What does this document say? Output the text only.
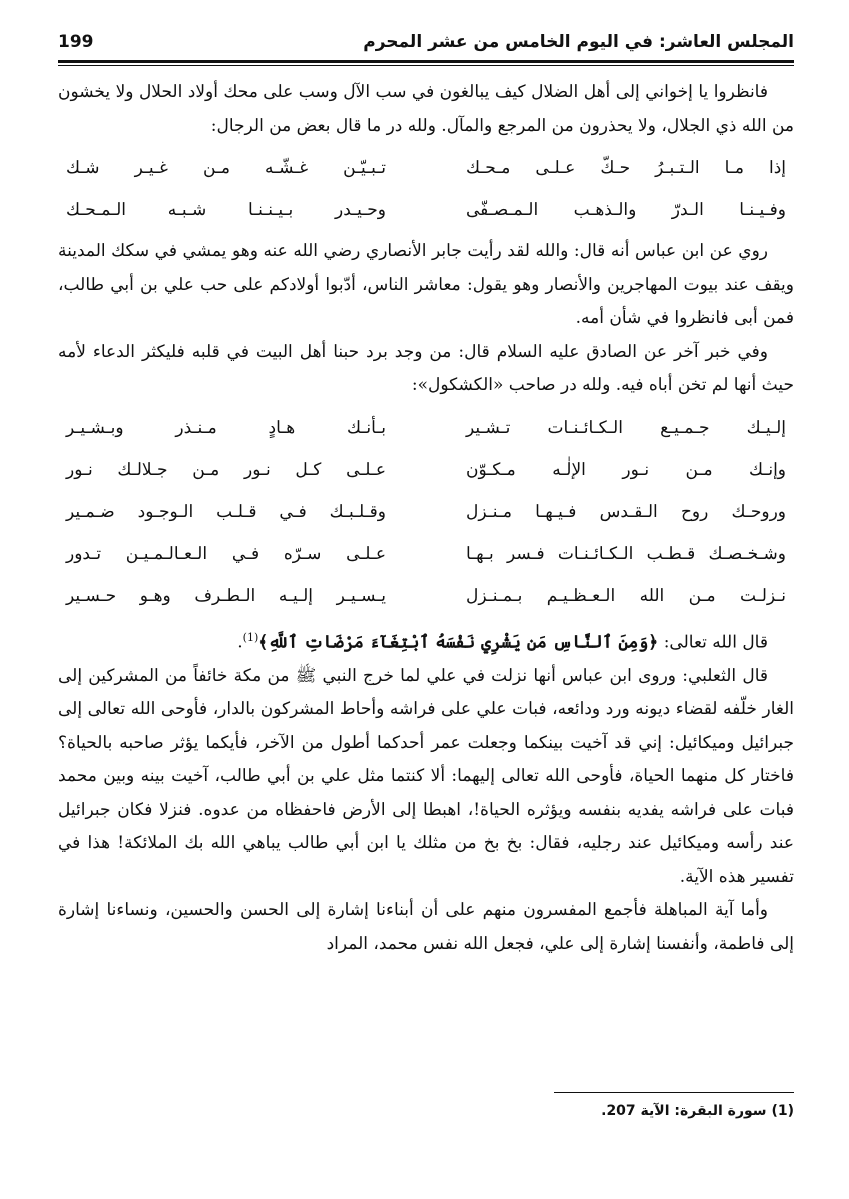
المجلس العاشر: في اليوم الخامس من عشر المحرم
199

فانظروا يا إخواني إلى أهل الضلال كيف يبالغون في سب الآل وسب على محك أولاد الحلال ولا يخشون من الله ذي الجلال، ولا يحذرون من المرجع والمآل. ولله در ما قال بعض من الرجال:

إذا مـا الـتـبـرُ حـكّ عـلـى مـحـك
تـبـيّـن غـشّـه مـن غـيـر شـك
وفـيـنـا الـدرّ والـذهـب الـمـصـفّى
وحـيـدر بـيـنـنـا شـبـه الـمـحـك

روي عن ابن عباس أنه قال: والله لقد رأيت جابر الأنصاري رضي الله عنه وهو يمشي في سكك المدينة ويقف عند بيوت المهاجرين والأنصار وهو يقول: معاشر الناس، أدّبوا أولادكم على حب علي بن أبي طالب، فمن أبى فانظروا في شأن أمه.

وفي خبر آخر عن الصادق عليه السلام قال: من وجد برد حبنا أهل البيت في قلبه فليكثر الدعاء لأمه حيث أنها لم تخن أباه فيه. ولله در صاحب «الكشكول»:

إلـيـك جـمـيـع الـكـائـنـات تـشـير
بـأنـك هـادٍ مـنـذر وبـشـيـر
وإنـك مـن نـور الإلٰـه مـكـوّن
عـلـى كـل نـور مـن جـلالـك نـور
وروحـك روح الـقـدس فـيـهـا مـنـزل
وقـلـبـك فـي قـلـب الـوجـود ضـمـير
وشـخـصـك قـطـب الـكـائـنـات فـسر بـهـا
عـلـى سـرّه فـي الـعـالـمـيـن تـدور
نـزلـت مـن الله الـعـظـيـم بـمـنـزل
يـسـيـر إلـيـه الـطـرف وهـو حـسـير

قال الله تعالى: ﴿وَمِنَ ٱلنَّاسِ مَن يَشْرِي نَفْسَهُ ٱبْتِغَآءَ مَرْضَاتِ ٱللَّهِ﴾$^{(1)}$.

قال الثعلبي: وروى ابن عباس أنها نزلت في علي لما خرج النبي ﷺ من مكة خائفاً من المشركين إلى الغار خلّفه لقضاء ديونه ورد ودائعه، فبات علي على فراشه وأحاط المشركون بالدار، فأوحى الله تعالى إلى جبرائيل وميكائيل: إني قد آخيت بينكما وجعلت عمر أحدكما أطول من الآخر، فأيكما يؤثر صاحبه بالحياة؟ فاختار كل منهما الحياة، فأوحى الله تعالى إليهما: ألا كنتما مثل علي بن أبي طالب، آخيت بينه وبين محمد فبات على فراشه يفديه بنفسه ويؤثره الحياة!، اهبطا إلى الأرض فاحفظاه من عدوه. فنزلا فكان جبرائيل عند رأسه وميكائيل عند رجليه، فقال: بخ بخ من مثلك يا ابن أبي طالب يباهي الله بك الملائكة! هذا في تفسير هذه الآية.

وأما آية المباهلة فأجمع المفسرون منهم على أن أبناءنا إشارة إلى الحسن والحسين، ونساءنا إشارة إلى فاطمة، وأنفسنا إشارة إلى علي، فجعل الله نفس محمد، المراد

(1) سورة البقرة: الآية 207.
